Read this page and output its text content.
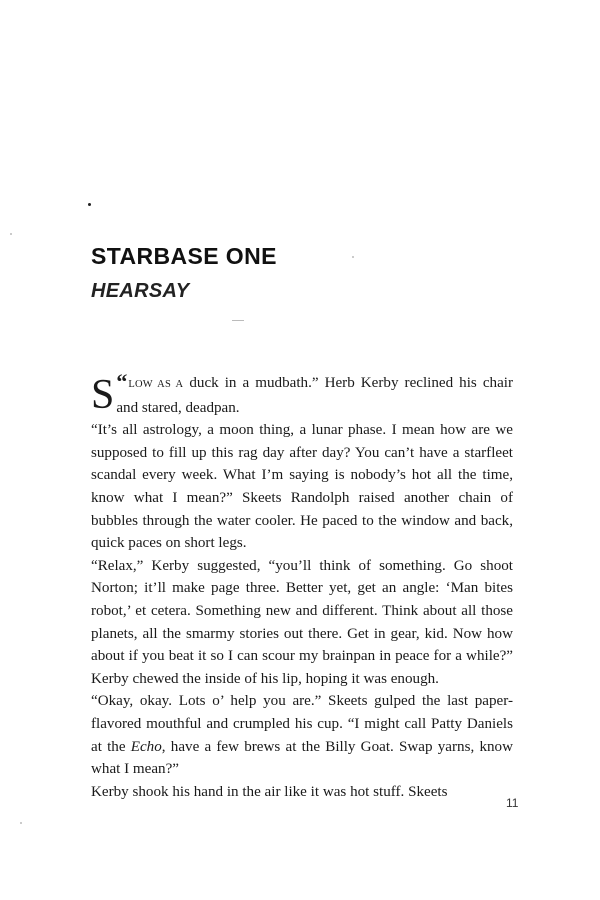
STARBASE ONE
HEARSAY

“
S LOW AS A duck in a mudbath.” Herb Kerby reclined his chair and stared, deadpan.

“It’s all astrology, a moon thing, a lunar phase. I mean how are we supposed to fill up this rag day after day? You can’t have a starfleet scandal every week. What I’m saying is nobody’s hot all the time, know what I mean?” Skeets Randolph raised another chain of bubbles through the water cooler. He paced to the window and back, quick paces on short legs.

“Relax,” Kerby suggested, “you’ll think of something. Go shoot Norton; it’ll make page three. Better yet, get an angle: ‘Man bites robot,’ et cetera. Something new and different. Think about all those planets, all the smarmy stories out there. Get in gear, kid. Now how about if you beat it so I can scour my brainpan in peace for a while?” Kerby chewed the inside of his lip, hoping it was enough.

“Okay, okay. Lots o’ help you are.” Skeets gulped the last paper-flavored mouthful and crumpled his cup. “I might call Patty Daniels at the Echo, have a few brews at the Billy Goat. Swap yarns, know what I mean?”

Kerby shook his hand in the air like it was hot stuff. Skeets

11
